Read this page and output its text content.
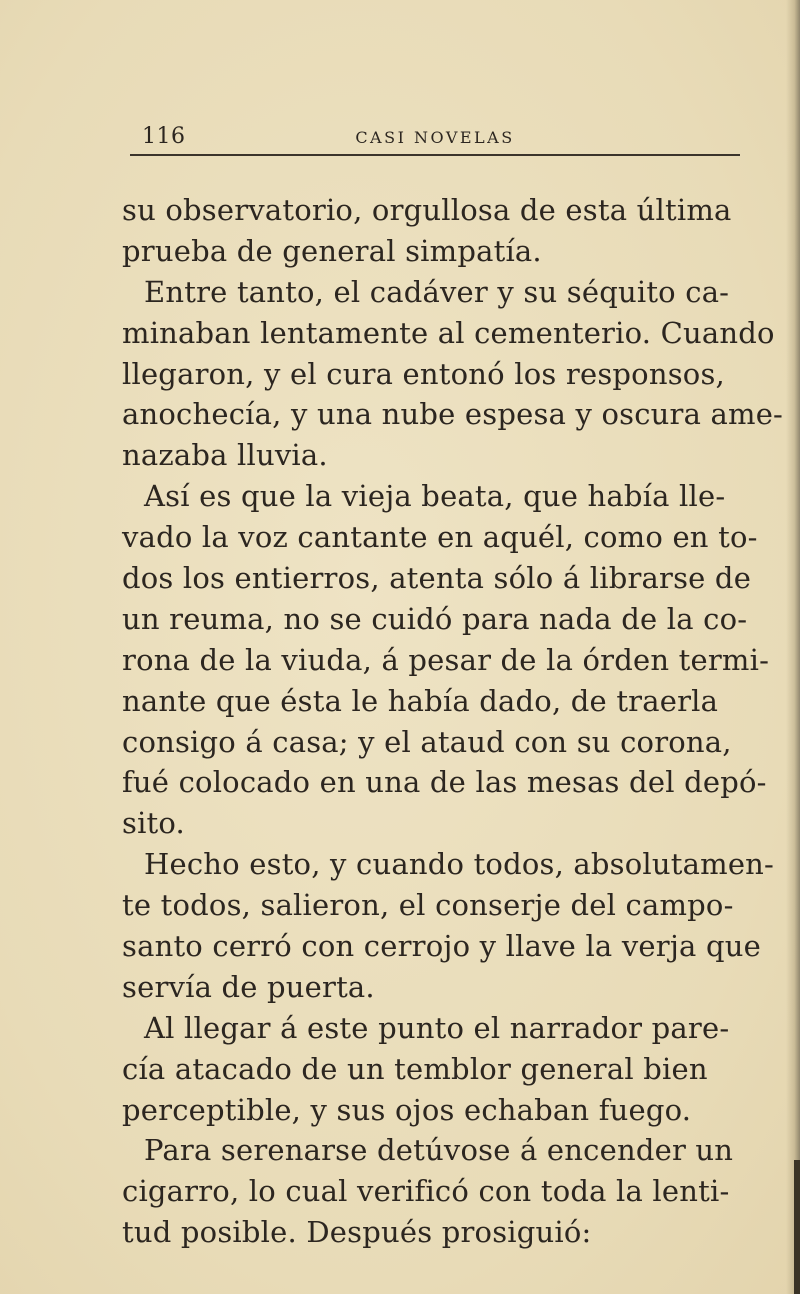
116	CASI NOVELAS
su observatorio, orgullosa de esta última
prueba de general simpatía.
Entre tanto, el cadáver y su séquito ca-
minaban lentamente al cementerio. Cuando
llegaron, y el cura entonó los responsos,
anochecía, y una nube espesa y oscura ame-
nazaba lluvia.
Así es que la vieja beata, que había lle-
vado la voz cantante en aquél, como en to-
dos los entierros, atenta sólo á librarse de
un reuma, no se cuidó para nada de la co-
rona de la viuda, á pesar de la órden termi-
nante que ésta le había dado, de traerla
consigo á casa; y el ataud con su corona,
fué colocado en una de las mesas del depó-
sito.
Hecho esto, y cuando todos, absolutamen-
te todos, salieron, el conserje del campo-
santo cerró con cerrojo y llave la verja que
servía de puerta.
Al llegar á este punto el narrador pare-
cía atacado de un temblor general bien
perceptible, y sus ojos echaban fuego.
Para serenarse detúvose á encender un
cigarro, lo cual verificó con toda la lenti-
tud posible. Después prosiguió:
